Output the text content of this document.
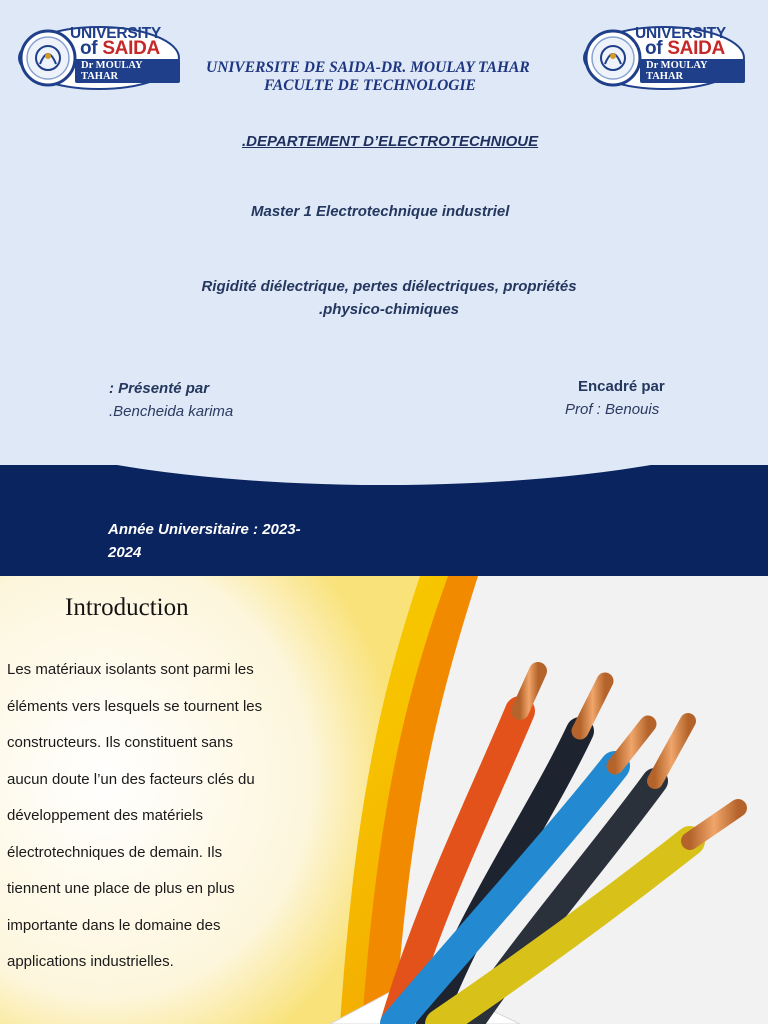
UNIVERSITY
of SAIDA
Dr MOULAY TAHAR
UNIVERSITY
of SAIDA
Dr MOULAY TAHAR
UNIVERSITE DE SAIDA-DR. MOULAY TAHAR
FACULTE DE TECHNOLOGIE
.DEPARTEMENT D’ELECTROTECHNIOUE
Master 1 Electrotechnique industriel
Rigidité diélectrique, pertes diélectriques, propriétés
.physico-chimiques
: Présenté par
.Bencheida karima
Encadré par
Prof : Benouis
Année Universitaire : 2023-
2024
Introduction
Les matériaux isolants sont parmi les
éléments vers lesquels se tournent les
constructeurs. Ils constituent sans
aucun doute l’un des facteurs clés du
développement des matériels
électrotechniques de demain. Ils
tiennent une place de plus en plus
importante dans le domaine des
applications industrielles.
